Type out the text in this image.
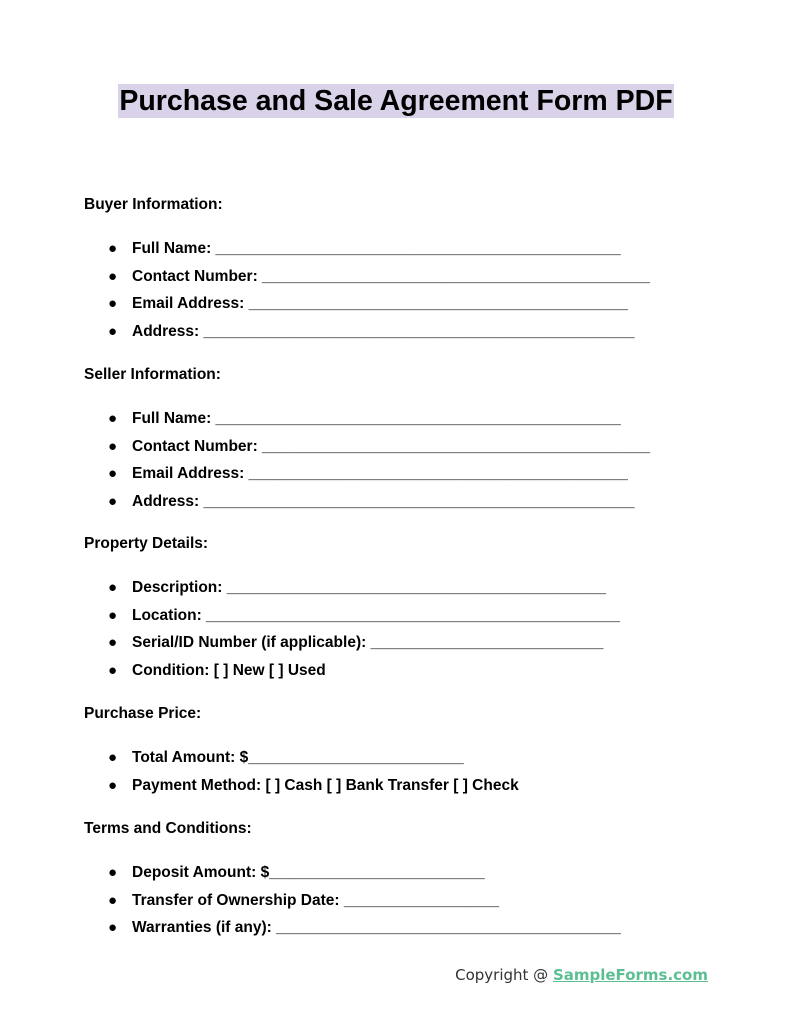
Purchase and Sale Agreement Form PDF

Buyer Information:

● Full Name: _______________________________________________
● Contact Number: _____________________________________________
● Email Address: ____________________________________________
● Address: __________________________________________________

Seller Information:

● Full Name: _______________________________________________
● Contact Number: _____________________________________________
● Email Address: ____________________________________________
● Address: __________________________________________________

Property Details:

● Description: ____________________________________________
● Location: ________________________________________________
● Serial/ID Number (if applicable): ___________________________
● Condition: [ ] New [ ] Used

Purchase Price:

● Total Amount: $_________________________
● Payment Method: [ ] Cash [ ] Bank Transfer [ ] Check

Terms and Conditions:

● Deposit Amount: $_________________________
● Transfer of Ownership Date: __________________
● Warranties (if any): ________________________________________
Copyright @ SampleForms.com
